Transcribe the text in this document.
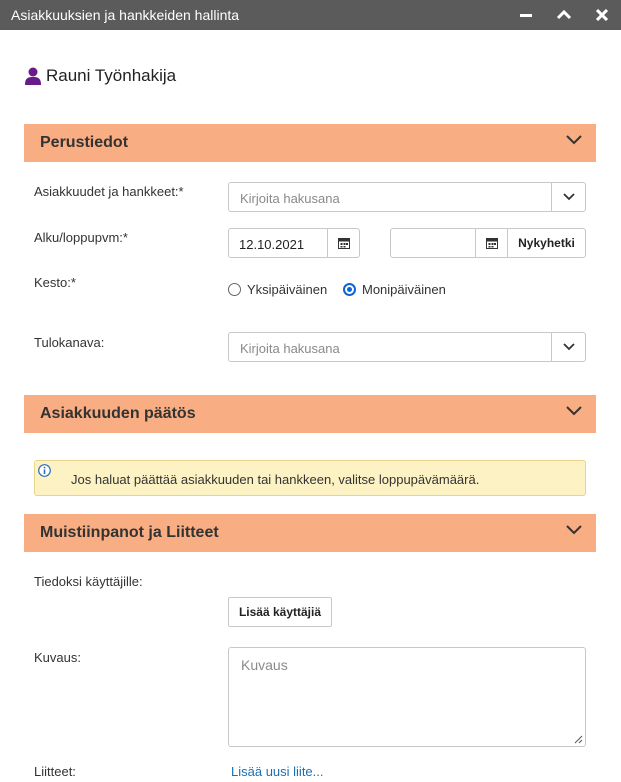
Asiakkuuksien ja hankkeiden hallinta
Rauni Työnhakija
Perustiedot
Asiakkuudet ja hankkeet:*	Kirjoita hakusana
Alku/loppupvm:*	12.10.2021	Nykyhetki
Kesto:*	Yksipäiväinen	Monipäiväinen
Tulokanava:	Kirjoita hakusana
Asiakkuuden päätös
Jos haluat päättää asiakkuuden tai hankkeen, valitse loppupävämäärä.
Muistiinpanot ja Liitteet
Tiedoksi käyttäjille:
Lisää käyttäjiä
Kuvaus:	Kuvaus
Liitteet:	Lisää uusi liite...
